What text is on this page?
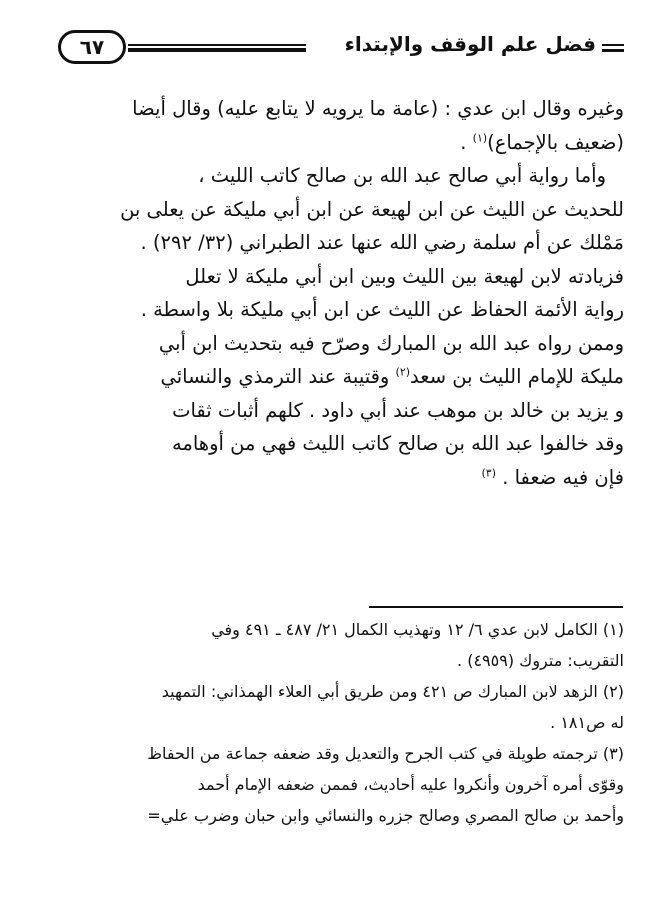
فضل علم الوقف والإبتداء
٦٧
وغيره وقال ابن عدي : (عامة ما يرويه لا يتابع عليه) وقال أيضا
(ضعيف بالإجماع)$^{(١)}$ .
وأما رواية أبي صالح عبد الله بن صالح كاتب الليث ،
للحديث عن الليث عن ابن لهيعة عن ابن أبي مليكة عن يعلى بن
مَمْلك عن أم سلمة رضي الله عنها عند الطبراني (٣٢/ ٢٩٢) .
فزيادته لابن لهيعة بين الليث وبين ابن أبي مليكة لا تعلل
رواية الأئمة الحفاظ عن الليث عن ابن أبي مليكة بلا واسطة .
وممن رواه عبد الله بن المبارك وصرّح فيه بتحديث ابن أبي
مليكة للإمام الليث بن سعد$^{(٢)}$ وقتيبة عند الترمذي والنسائي
و يزيد بن خالد بن موهب عند أبي داود . كلهم أثبات ثقات
وقد خالفوا عبد الله بن صالح كاتب الليث فهي من أوهامه
فإن فيه ضعفا . $^{(٣)}$
(١) الكامل لابن عدي ٦/ ١٢ وتهذيب الكمال ٢١/ ٤٨٧ ـ ٤٩١ وفي
التقريب: متروك (٤٩٥٩) .
(٢) الزهد لابن المبارك ص ٤٢١ ومن طريق أبي العلاء الهمذاني: التمهيد
له ص١٨١ .
(٣) ترجمته طويلة في كتب الجرح والتعديل وقد ضعفه جماعة من الحفاظ
وقوّى أمره آخرون وأنكروا عليه أحاديث، فممن ضعفه الإمام أحمد
وأحمد بن صالح المصري وصالح جزره والنسائي وابن حبان وضرب علي=
